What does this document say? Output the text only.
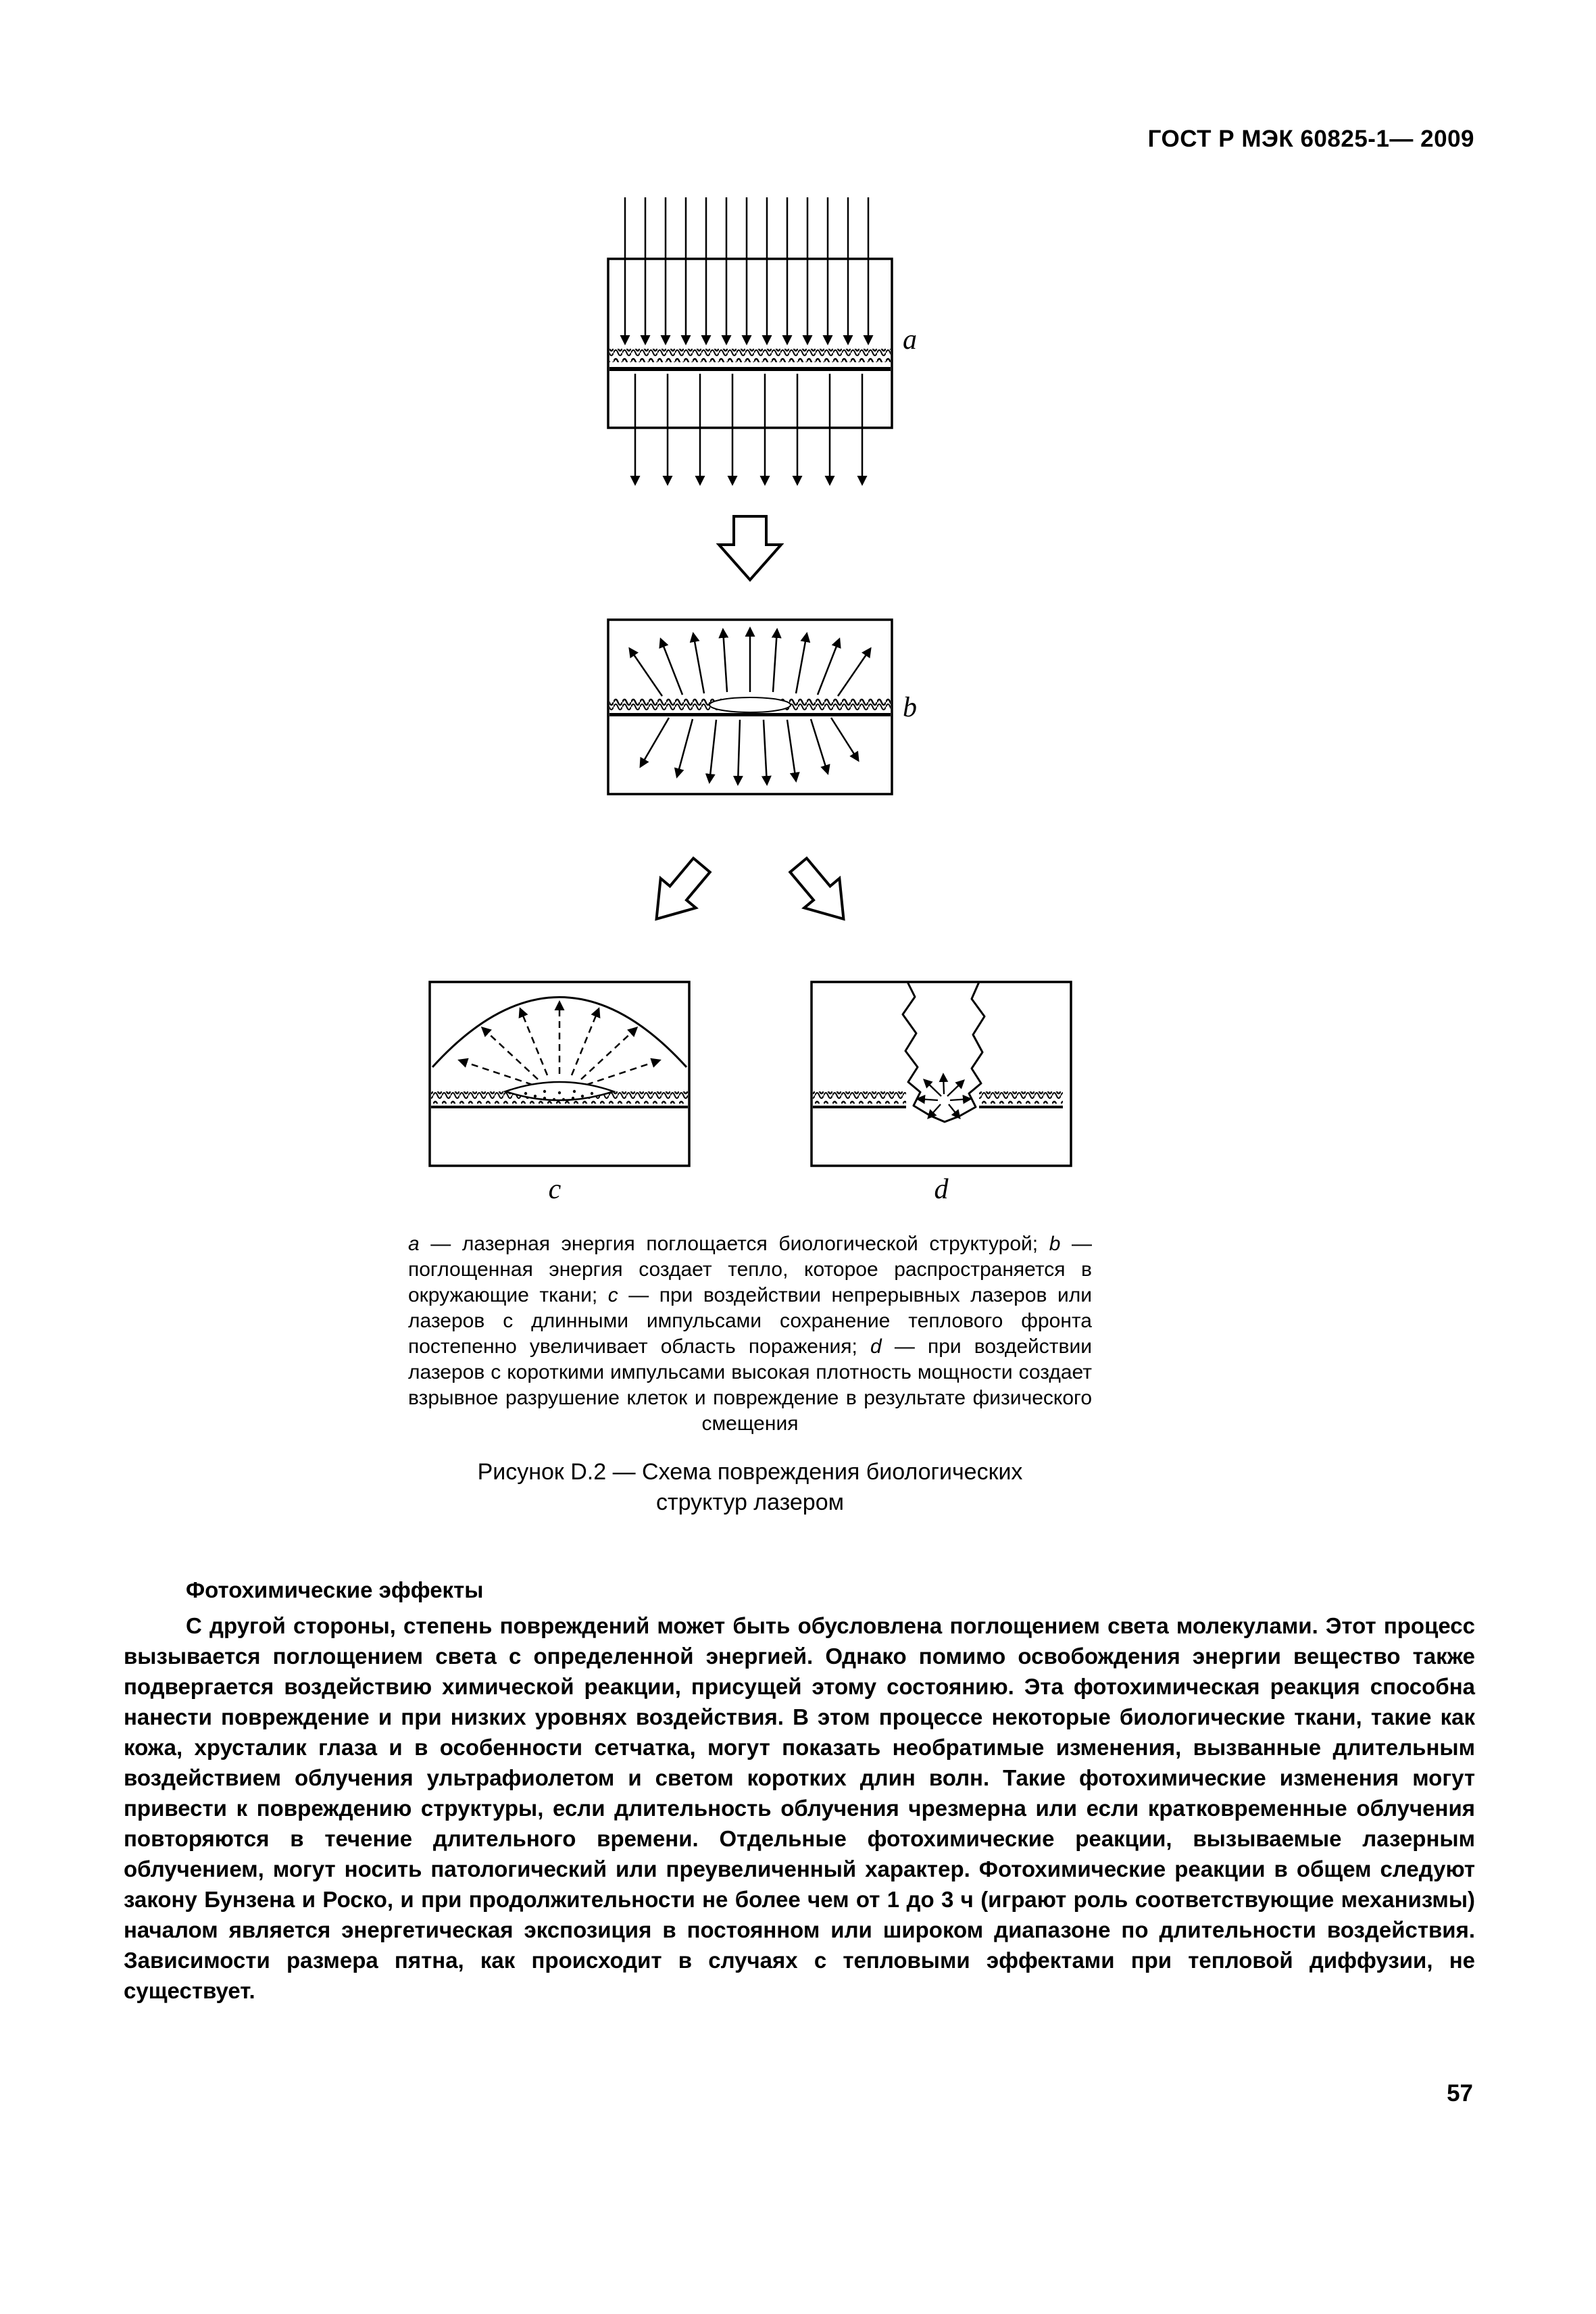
ГОСТ Р МЭК 60825-1— 2009
a
b
c	d

a — лазерная энергия поглощается биологической структурой; b — поглощенная энергия создает тепло, которое распространяется в окружающие ткани; c — при воздействии непрерывных лазеров или лазеров с длинными импульсами сохранение теплового фронта постепенно увеличивает область поражения; d — при воздействии лазеров с короткими импульсами высокая плотность мощности создает взрывное разрушение клеток и повреждение в результате физического смещения

Рисунок D.2 — Схема повреждения биологических структур лазером

Фотохимические эффекты

С другой стороны, степень повреждений может быть обусловлена поглощением света молекулами. Этот процесс вызывается поглощением света с определенной энергией. Однако помимо освобождения энергии вещество также подвергается воздействию химической реакции, присущей этому состоянию. Эта фотохимическая реакция способна нанести повреждение и при низких уровнях воздействия. В этом процессе некоторые биологические ткани, такие как кожа, хрусталик глаза и в особенности сетчатка, могут показать необратимые изменения, вызванные длительным воздействием облучения ультрафиолетом и светом коротких длин волн. Такие фотохимические изменения могут привести к повреждению структуры, если длительность облучения чрезмерна или если кратковременные облучения повторяются в течение длительного времени. Отдельные фотохимические реакции, вызываемые лазерным облучением, могут носить патологический или преувеличенный характер. Фотохимические реакции в общем следуют закону Бунзена и Роско, и при продолжительности не более чем от 1 до 3 ч (играют роль соответствующие механизмы) началом является энергетическая экспозиция в постоянном или широком диапазоне по длительности воздействия. Зависимости размера пятна, как происходит в случаях с тепловыми эффектами при тепловой диффузии, не существует.

57
